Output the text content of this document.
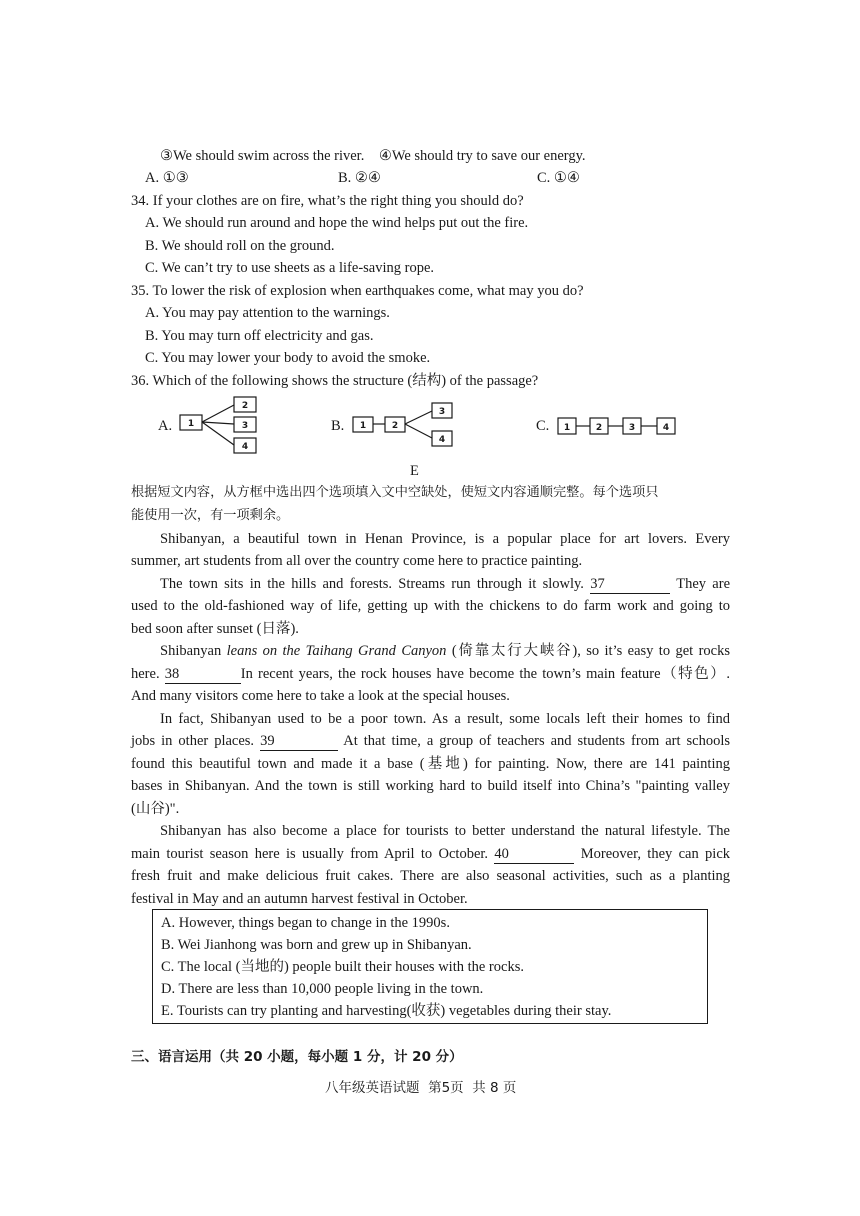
③We should swim across the river.    ④We should try to save our energy.
A. ①③	B. ②④	C. ①④
34. If your clothes are on fire, what’s the right thing you should do?
A. We should run around and hope the wind helps put out the fire.
B. We should roll on the ground.
C. We can’t try to use sheets as a life-saving rope.
35. To lower the risk of explosion when earthquakes come, what may you do?
A. You may pay attention to the warnings.
B. You may turn off electricity and gas.
C. You may lower your body to avoid the smoke.
36. Which of the following shows the structure (结构) of the passage?
A. 1
2
3
4
B. 1	2
3
4
C. 1	2	3	4
E
根据短文内容，从方框中选出四个选项填入文中空缺处，使短文内容通顺完整。每个选项只
能使用一次，有一项剩余。
Shibanyan, a beautiful town in Henan Province, is a popular place for art lovers. Every
summer, art students from all over the country come here to practice painting.
The town sits in the hills and forests. Streams run through it slowly. 37	They are
used to the old-fashioned way of life, getting up with the chickens to do farm work and going to
bed soon after sunset (日落).
Shibanyan leans on the Taihang Grand Canyon (倚靠太行大峡谷), so it’s easy to get rocks
here. 38	In recent years, the rock houses have become the town’s main feature（特色）.
And many visitors come here to take a look at the special houses.
In fact, Shibanyan used to be a poor town. As a result, some locals left their homes to find
jobs in other places. 39	At that time, a group of teachers and students from art schools
found this beautiful town and made it a base (基地) for painting. Now, there are 141 painting
bases in Shibanyan. And the town is still working hard to build itself into China’s "painting valley
(山谷)".
Shibanyan has also become a place for tourists to better understand the natural lifestyle. The
main tourist season here is usually from April to October. 40	Moreover, they can pick
fresh fruit and make delicious fruit cakes. There are also seasonal activities, such as a planting
festival in May and an autumn harvest festival in October.
A. However, things began to change in the 1990s.
B. Wei Jianhong was born and grew up in Shibanyan.
C. The local (当地的) people built their houses with the rocks.
D. There are less than 10,000 people living in the town.
E. Tourists can try planting and harvesting(收获) vegetables during their stay.
三、语言运用（共 20 小题，每小题 1 分，计 20 分）
八年级英语试题  第5页  共 8 页
